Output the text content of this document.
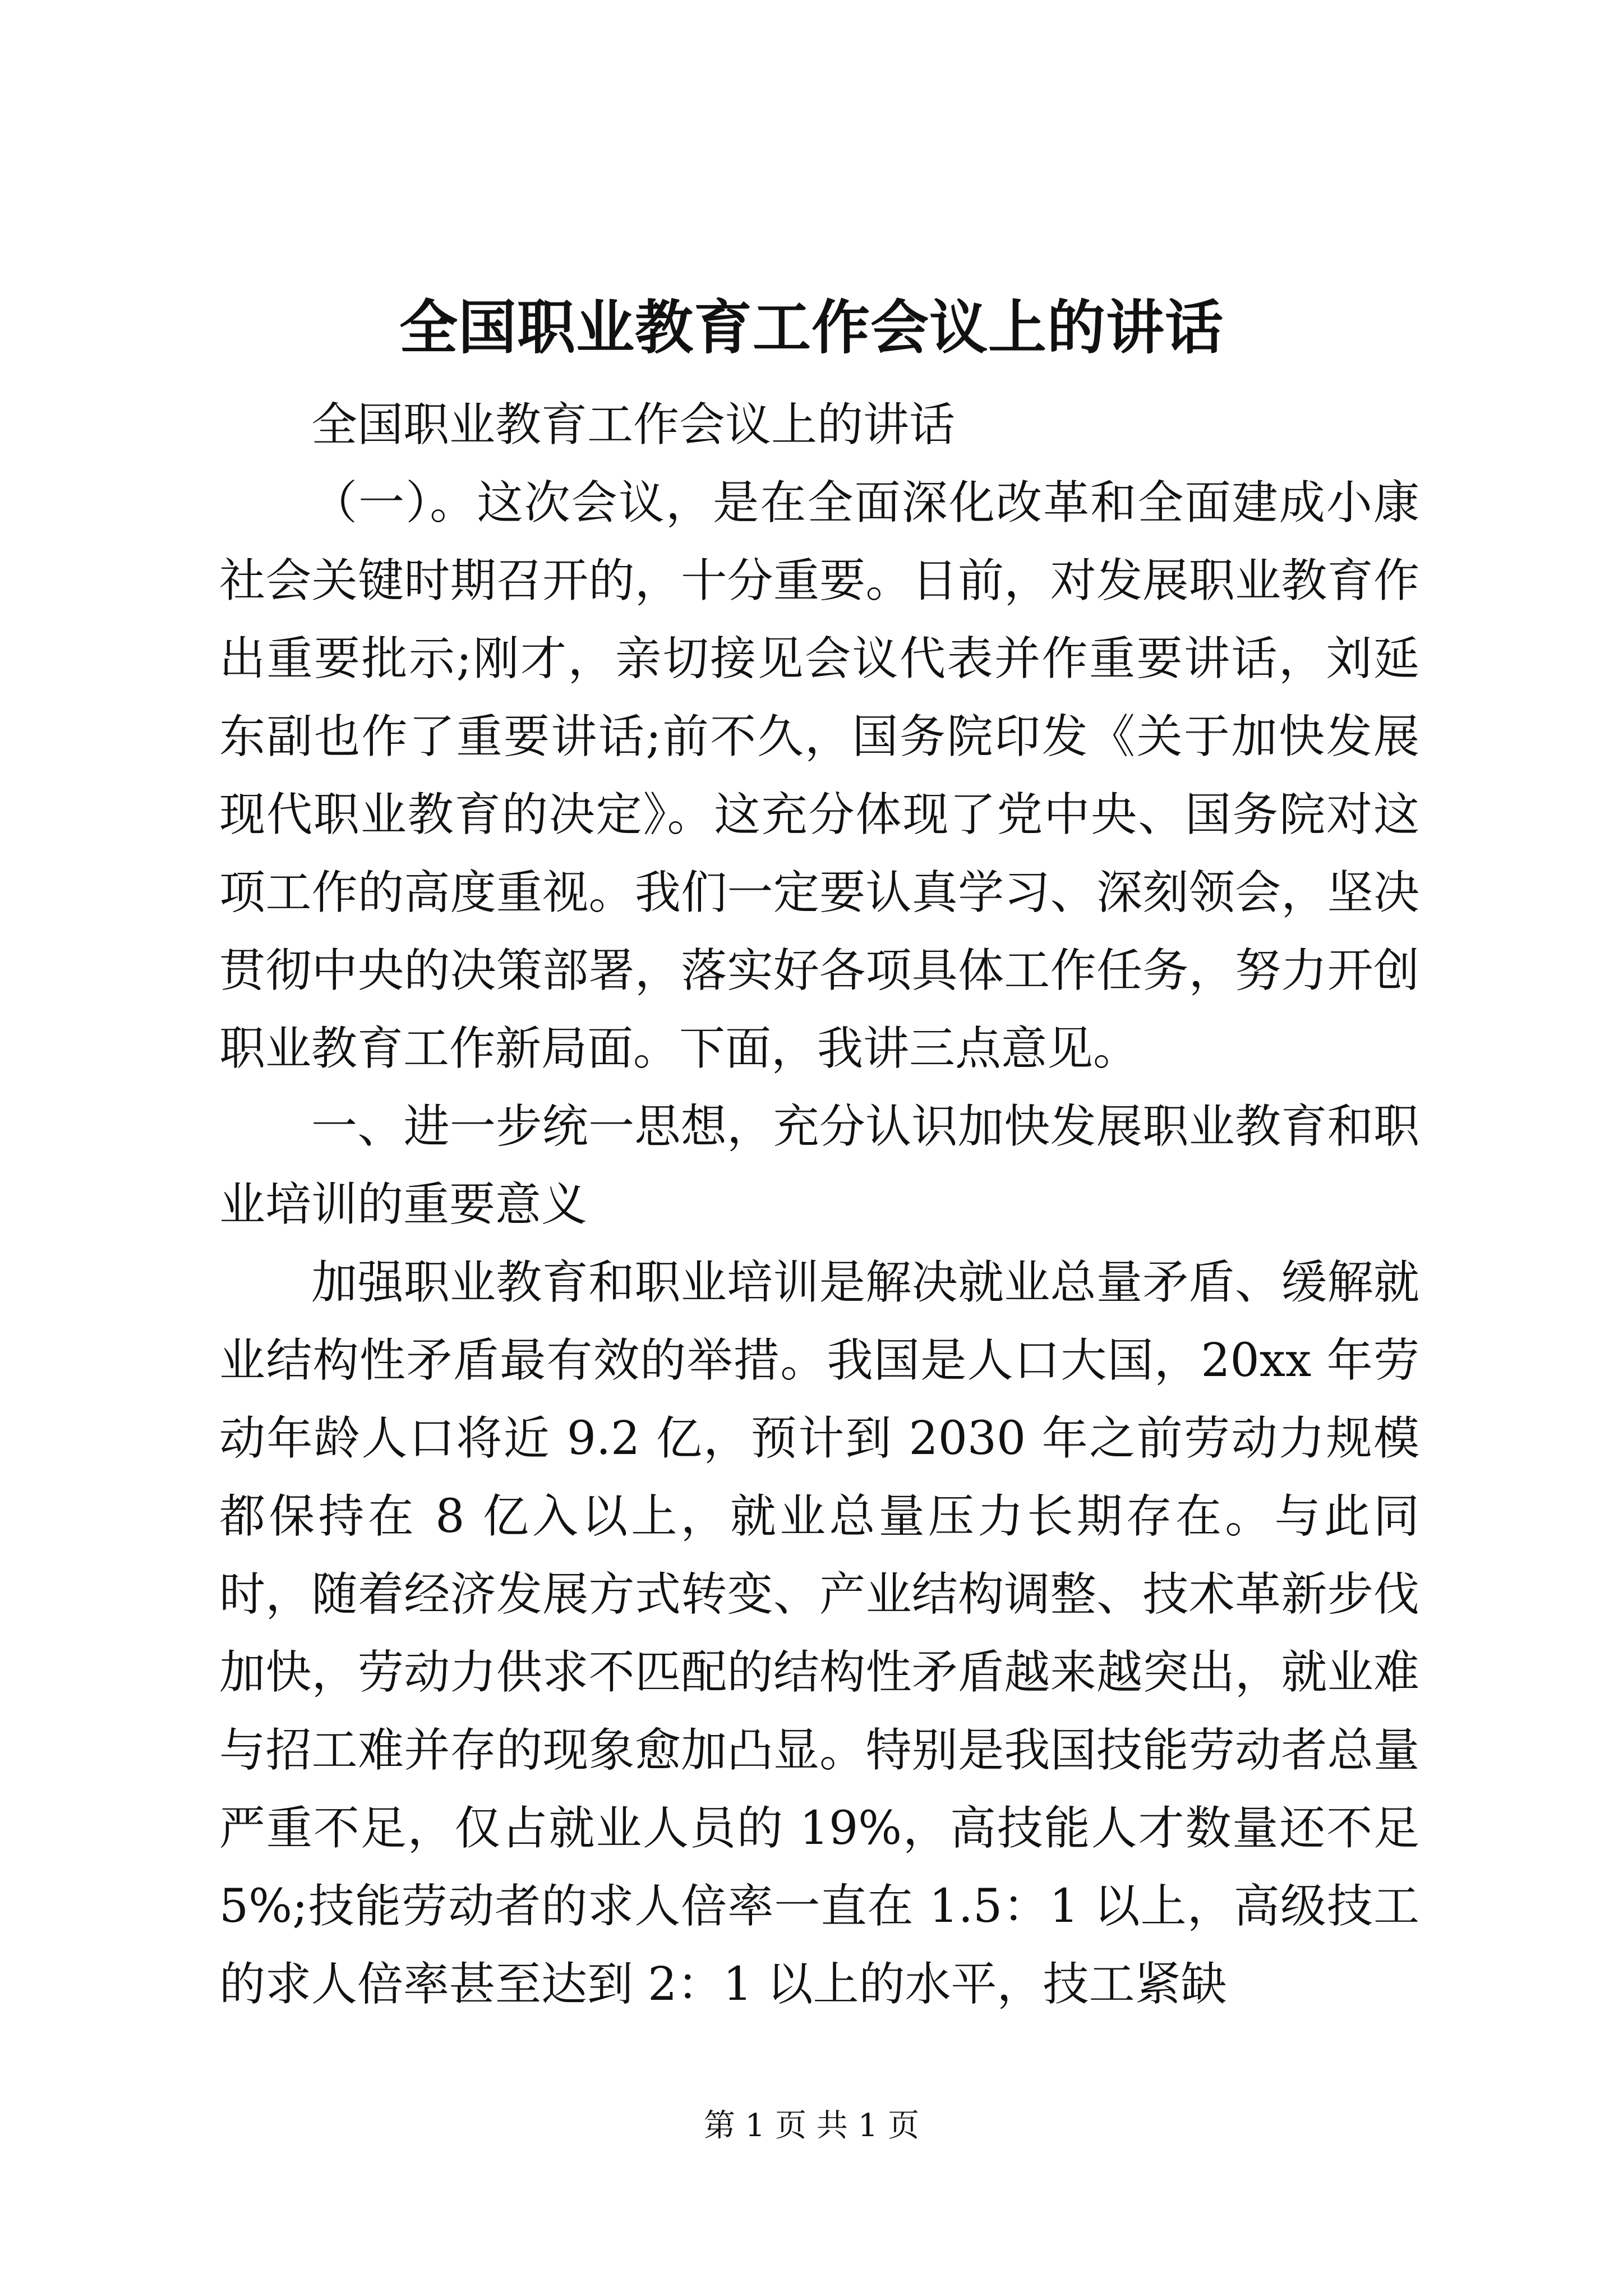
全国职业教育工作会议上的讲话

全国职业教育工作会议上的讲话

（一）。这次会议，是在全面深化改革和全面建成小康社会关键时期召开的，十分重要。日前，对发展职业教育作出重要批示;刚才，亲切接见会议代表并作重要讲话，刘延东副也作了重要讲话;前不久，国务院印发《关于加快发展现代职业教育的决定》。这充分体现了党中央、国务院对这项工作的高度重视。我们一定要认真学习、深刻领会，坚决贯彻中央的决策部署，落实好各项具体工作任务，努力开创职业教育工作新局面。下面，我讲三点意见。

一、进一步统一思想，充分认识加快发展职业教育和职业培训的重要意义

加强职业教育和职业培训是解决就业总量矛盾、缓解就业结构性矛盾最有效的举措。我国是人口大国，20xx 年劳动年龄人口将近 9.2 亿，预计到 2030 年之前劳动力规模都保持在 8 亿入以上，就业总量压力长期存在。与此同时，随着经济发展方式转变、产业结构调整、技术革新步伐加快，劳动力供求不匹配的结构性矛盾越来越突出，就业难与招工难并存的现象愈加凸显。特别是我国技能劳动者总量严重不足，仅占就业人员的 19%，高技能人才数量还不足 5%;技能劳动者的求人倍率一直在 1.5：1 以上，高级技工的求人倍率甚至达到 2：1 以上的水平，技工紧缺

第 1 页 共 1 页
